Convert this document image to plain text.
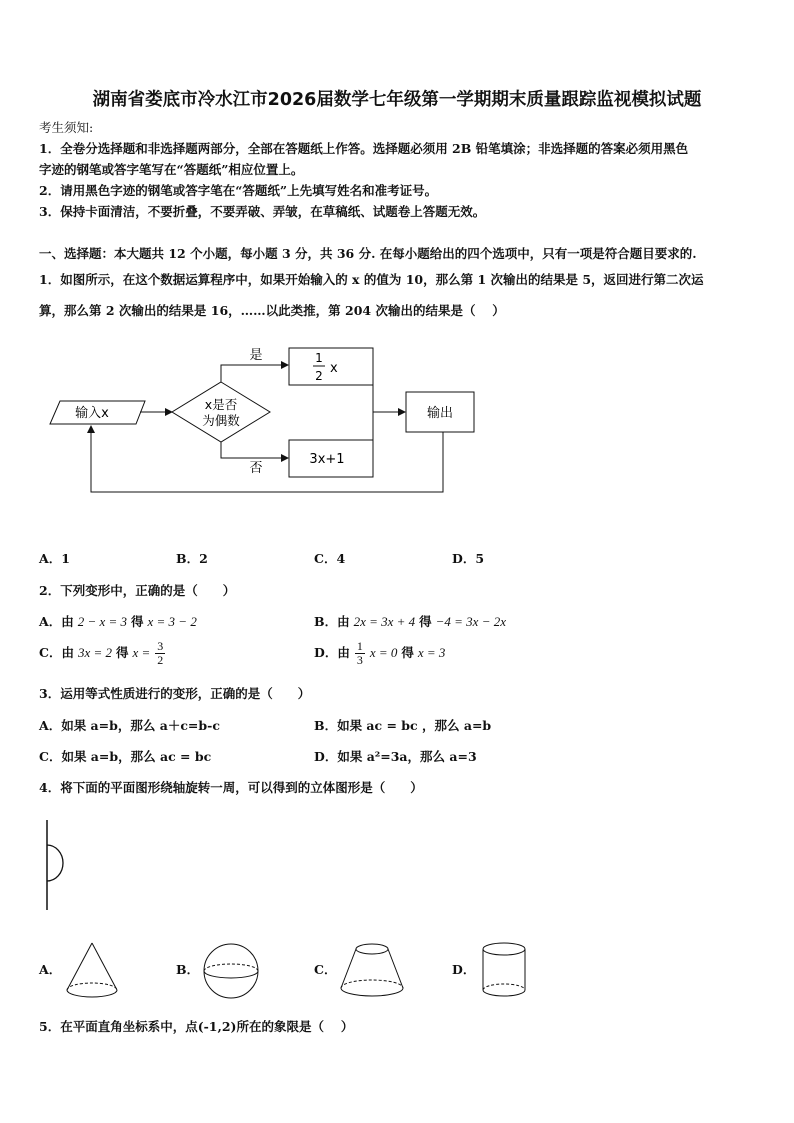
湖南省娄底市冷水江市2026届数学七年级第一学期期末质量跟踪监视模拟试题
考生须知:
1．全卷分选择题和非选择题两部分，全部在答题纸上作答。选择题必须用 2B 铅笔填涂；非选择题的答案必须用黑色
字迹的钢笔或答字笔写在“答题纸”相应位置上。
2．请用黑色字迹的钢笔或答字笔在“答题纸”上先填写姓名和准考证号。
3．保持卡面清洁，不要折叠，不要弄破、弄皱，在草稿纸、试题卷上答题无效。
一、选择题：本大题共 12 个小题，每小题 3 分，共 36 分. 在每小题给出的四个选项中，只有一项是符合题目要求的.
1．如图所示，在这个数据运算程序中，如果开始输入的 x 的值为 10，那么第 1 次输出的结果是 5，返回进行第二次运
算，那么第 2 次输出的结果是 16，……以此类推，第 204 次输出的结果是（　 ）
输入x
x是否
为偶数
是
否
1
2 x
3x+1
输出
A．1	B．2	C．4	D．5
2．下列变形中，正确的是（　　）
A．由 2 − x = 3 得 x = 3 − 2	B．由 2x = 3x + 4 得 −4 = 3x − 2x
C．由 3x = 2 得 $x = \frac{3}{2}$	D．由 $\frac{1}{3}$ x = 0 得 x = 3
3．运用等式性质进行的变形，正确的是（　　）
A．如果 a=b，那么 a＋c=b-c	B．如果 ac = bc ，那么 a=b
C．如果 a=b，那么 ac = bc	D．如果 a²=3a，那么 a=3
4．将下面的平面图形绕轴旋转一周，可以得到的立体图形是（　　）
A．	B．	C．	D．
5．在平面直角坐标系中，点(-1,2)所在的象限是（　 ）
